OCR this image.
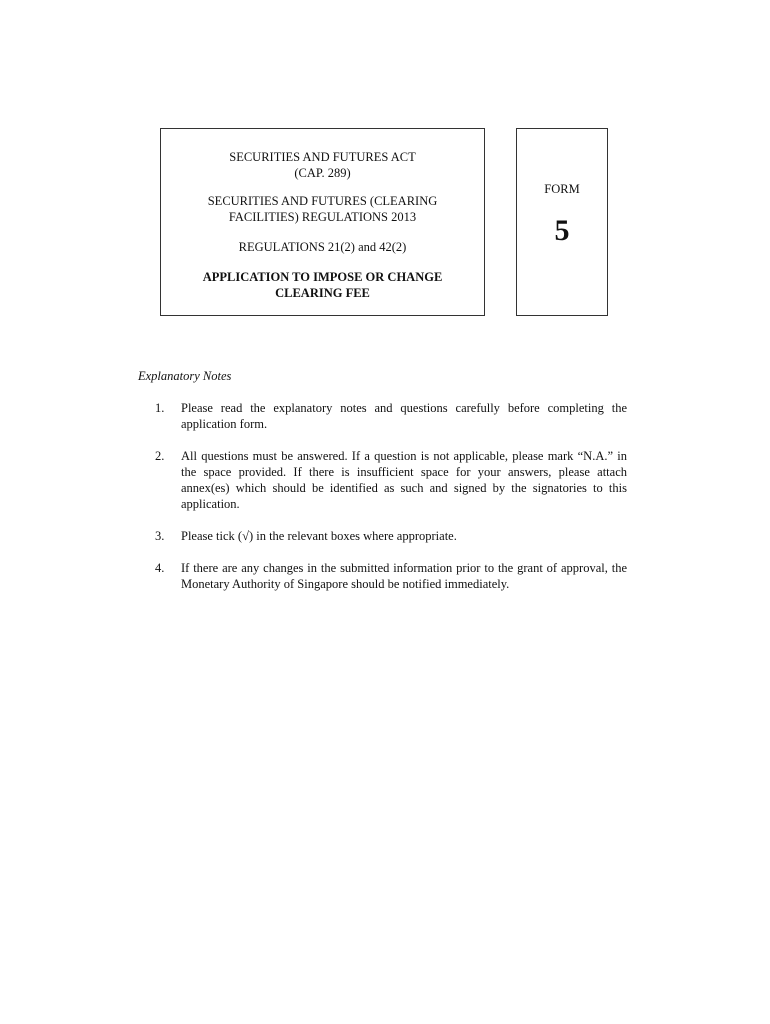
SECURITIES AND FUTURES ACT

(CAP. 289)

SECURITIES AND FUTURES (CLEARING

FACILITIES) REGULATIONS 2013

REGULATIONS 21(2) and 42(2)

APPLICATION TO IMPOSE OR CHANGE

CLEARING FEE

FORM
5

Explanatory Notes

1.	Please read the explanatory notes and questions carefully before completing the application form.
2.	All questions must be answered. If a question is not applicable, please mark “N.A.” in the space provided. If there is insufficient space for your answers, please attach annex(es) which should be identified as such and signed by the signatories to this application.
3.	Please tick (√) in the relevant boxes where appropriate.
4.	If there are any changes in the submitted information prior to the grant of approval, the Monetary Authority of Singapore should be notified immediately.
